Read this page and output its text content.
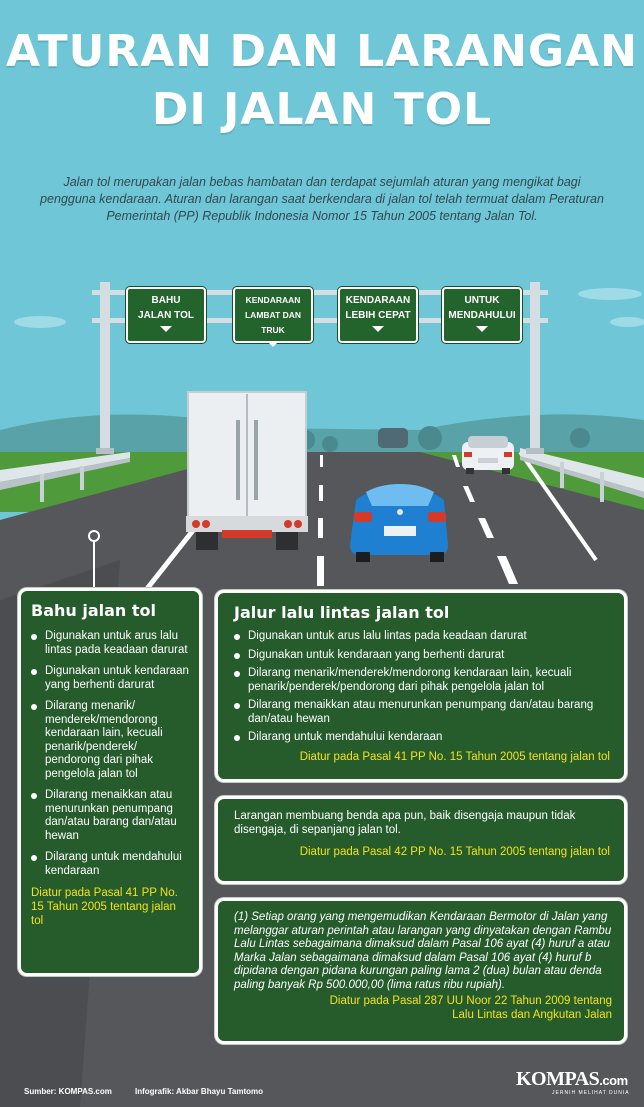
ATURAN DAN LARANGAN
DI JALAN TOL
Jalan tol merupakan jalan bebas hambatan dan terdapat sejumlah aturan yang mengikat bagi pengguna kendaraan. Aturan dan larangan saat berkendara di jalan tol telah termuat dalam Peraturan Pemerintah (PP) Republik Indonesia Nomor 15 Tahun 2005 tentang Jalan Tol.
BAHU
JALAN TOL
KENDARAAN
LAMBAT DAN TRUK
KENDARAAN
LEBIH CEPAT
UNTUK
MENDAHULUI
Bahu jalan tol
Digunakan untuk arus lalu lintas pada keadaan darurat
Digunakan untuk kendaraan yang berhenti darurat
Dilarang menarik/ menderek/mendorong kendaraan lain, kecuali penarik/penderek/ pendorong dari pihak pengelola jalan tol
Dilarang menaikkan atau menurunkan penumpang dan/atau barang dan/atau hewan
Dilarang untuk mendahului kendaraan
Diatur pada Pasal 41 PP No. 15 Tahun 2005 tentang jalan tol
Jalur lalu lintas jalan tol
Digunakan untuk arus lalu lintas pada keadaan darurat
Digunakan untuk kendaraan yang berhenti darurat
Dilarang menarik/menderek/mendorong kendaraan lain, kecuali penarik/penderek/pendorong dari pihak pengelola jalan tol
Dilarang menaikkan atau menurunkan penumpang dan/atau barang dan/atau hewan
Dilarang untuk mendahului kendaraan
Diatur pada Pasal 41 PP No. 15 Tahun 2005 tentang jalan tol
Larangan membuang benda apa pun, baik disengaja maupun tidak disengaja, di sepanjang jalan tol.
Diatur pada Pasal 42 PP No. 15 Tahun 2005 tentang jalan tol
(1) Setiap orang yang mengemudikan Kendaraan Bermotor di Jalan yang melanggar aturan perintah atau larangan yang dinyatakan dengan Rambu Lalu Lintas sebagaimana dimaksud dalam Pasal 106 ayat (4) huruf a atau Marka Jalan sebagaimana dimaksud dalam Pasal 106 ayat (4) huruf b dipidana dengan pidana kurungan paling lama 2 (dua) bulan atau denda paling banyak Rp 500.000,00 (lima ratus ribu rupiah).
Diatur pada Pasal 287 UU Noor 22 Tahun 2009 tentang
Lalu Lintas dan Angkutan Jalan
Sumber: KOMPAS.com	Infografik: Akbar Bhayu Tamtomo
KOMPAS.com
JERNIH MELIHAT DUNIA
